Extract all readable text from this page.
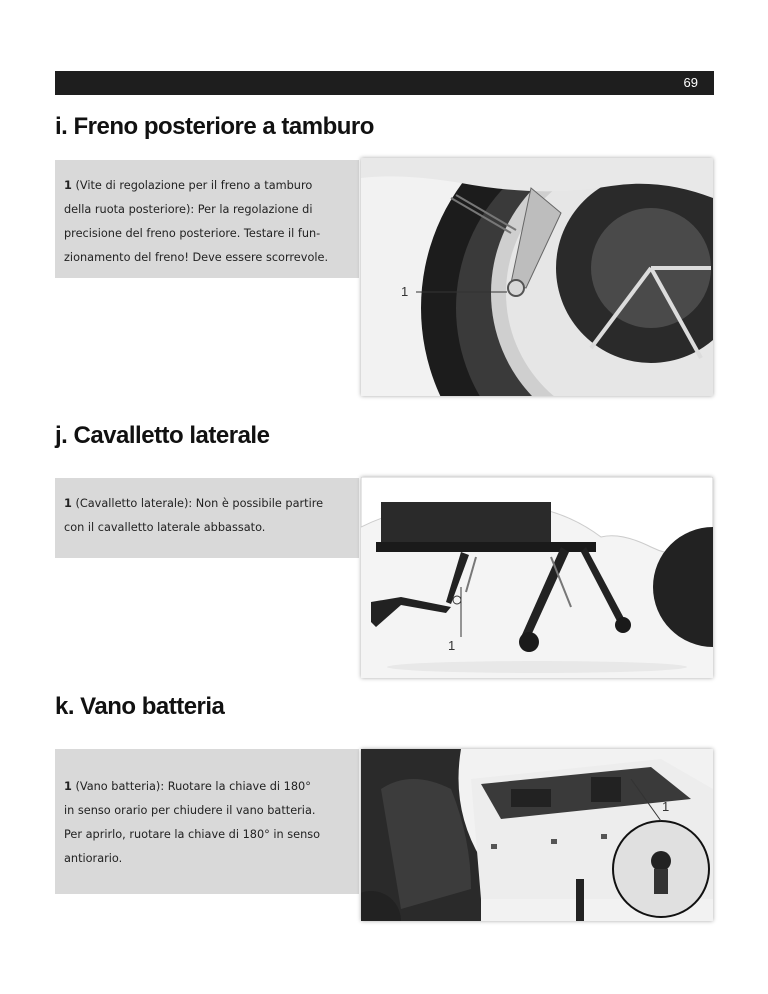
69
i. Freno posteriore a tamburo
1 (Vite di regolazione per il freno a tamburo
della ruota posteriore): Per la regolazione di
precisione del freno posteriore. Testare il fun-
zionamento del freno! Deve essere scorrevole.
1
j. Cavalletto laterale
1 (Cavalletto laterale): Non è possibile partire
con il cavalletto laterale abbassato.
1
k. Vano batteria
1 (Vano batteria): Ruotare la chiave di 180°
in senso orario per chiudere il vano batteria.
Per aprirlo, ruotare la chiave di 180° in senso
antiorario.
1
